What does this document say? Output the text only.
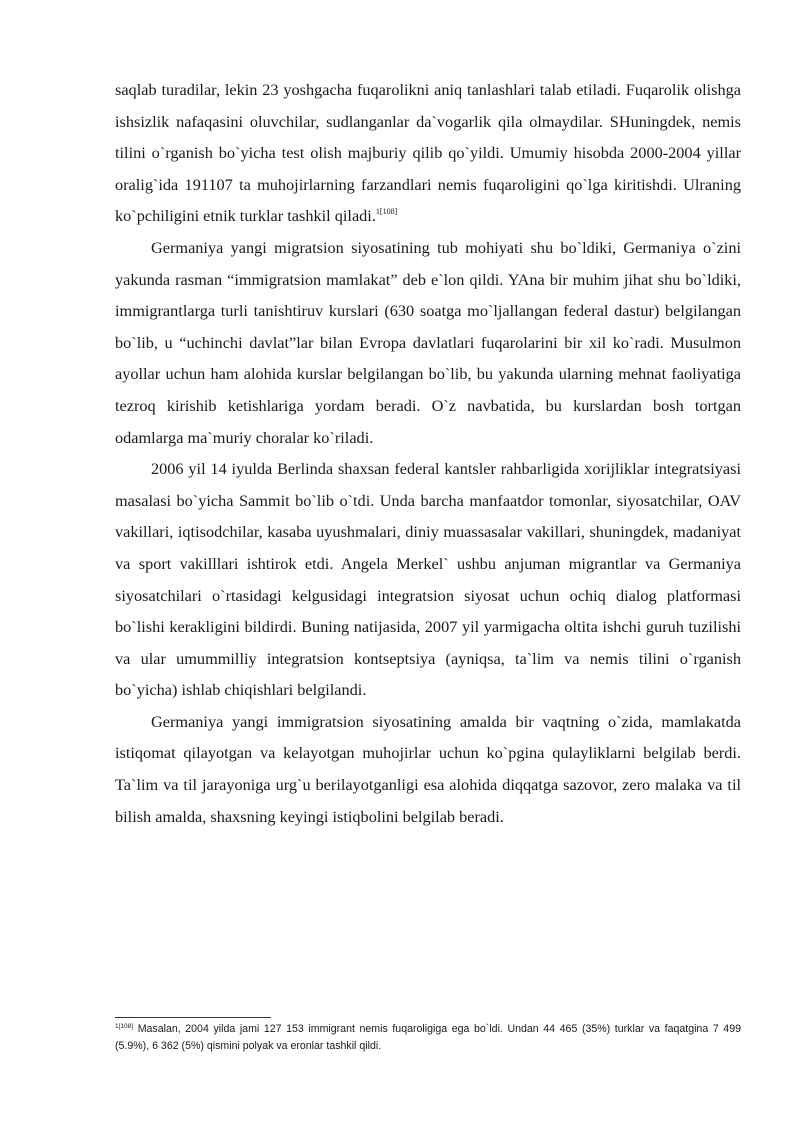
saqlab turadilar, lekin 23 yoshgacha fuqarolikni aniq tanlashlari talab etiladi. Fuqarolik olishga ishsizlik nafaqasini oluvchilar, sudlanganlar da`vogarlik qila olmaydilar. SHuningdek, nemis tilini o`rganish bo`yicha test olish majburiy qilib qo`yildi. Umumiy hisobda 2000-2004 yillar oralig`ida 191107 ta muhojirlarning farzandlari nemis fuqaroligini qo`lga kiritishdi. Ulraning ko`pchiligini etnik turklar tashkil qiladi.$^{1[108]}$

Germaniya yangi migratsion siyosatining tub mohiyati shu bo`ldiki, Germaniya o`zini yakunda rasman “immigratsion mamlakat” deb e`lon qildi. YAna bir muhim jihat shu bo`ldiki, immigrantlarga turli tanishtiruv kurslari (630 soatga mo`ljallangan federal dastur) belgilangan bo`lib, u “uchinchi davlat”lar bilan Evropa davlatlari fuqarolarini bir xil ko`radi. Musulmon ayollar uchun ham alohida kurslar belgilangan bo`lib, bu yakunda ularning mehnat faoliyatiga tezroq kirishib ketishlariga yordam beradi. O`z navbatida, bu kurslardan bosh tortgan odamlarga ma`muriy choralar ko`riladi.

2006 yil 14 iyulda Berlinda shaxsan federal kantsler rahbarligida xorijliklar integratsiyasi masalasi bo`yicha Sammit bo`lib o`tdi. Unda barcha manfaatdor tomonlar, siyosatchilar, OAV vakillari, iqtisodchilar, kasaba uyushmalari, diniy muassasalar vakillari, shuningdek, madaniyat va sport vakilllari ishtirok etdi. Angela Merkel` ushbu anjuman migrantlar va Germaniya siyosatchilari o`rtasidagi kelgusidagi integratsion siyosat uchun ochiq dialog platformasi bo`lishi kerakligini bildirdi. Buning natijasida, 2007 yil yarmigacha oltita ishchi guruh tuzilishi va ular umummilliy integratsion kontseptsiya (ayniqsa, ta`lim va nemis tilini o`rganish bo`yicha) ishlab chiqishlari belgilandi.

Germaniya yangi immigratsion siyosatining amalda bir vaqtning o`zida, mamlakatda istiqomat qilayotgan va kelayotgan muhojirlar uchun ko`pgina qulayliklarni belgilab berdi. Ta`lim va til jarayoniga urg`u berilayotganligi esa alohida diqqatga sazovor, zero malaka va til bilish amalda, shaxsning keyingi istiqbolini belgilab beradi.

$^{1[108]}$ Masalan, 2004 yilda jami 127 153 immigrant nemis fuqaroligiga ega bo`ldi. Undan 44 465 (35%) turklar va faqatgina 7 499 (5.9%), 6 362 (5%) qismini polyak va eronlar tashkil qildi.
